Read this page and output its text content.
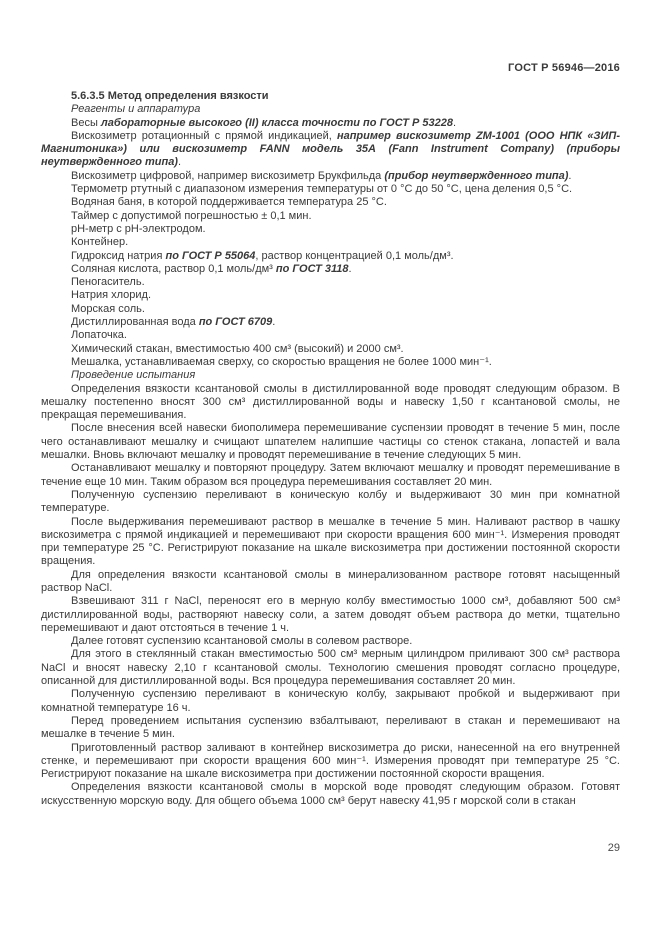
ГОСТ Р 56946—2016

5.6.3.5 Метод определения вязкости

Реагенты и аппаратура

Весы лабораторные высокого (II) класса точности по ГОСТ Р 53228.

Вискозиметр ротационный с прямой индикацией, например вискозиметр ZM-1001 (ООО НПК «ЗИП-Магнитоника») или вискозиметр FANN модель 35А (Fann Instrument Company) (приборы неутвержденного типа).

Вискозиметр цифровой, например вискозиметр Брукфильда (прибор неутвержденного типа).

Термометр ртутный с диапазоном измерения температуры от 0 °С до 50 °С, цена деления 0,5 °С.

Водяная баня, в которой поддерживается температура 25 °С.

Таймер с допустимой погрешностью ± 0,1 мин.

pH-метр с pH-электродом.

Контейнер.

Гидроксид натрия по ГОСТ Р 55064, раствор концентрацией 0,1 моль/дм³.

Соляная кислота, раствор 0,1 моль/дм³ по ГОСТ 3118.

Пеногаситель.

Натрия хлорид.

Морская соль.

Дистиллированная вода по ГОСТ 6709.

Лопаточка.

Химический стакан, вместимостью 400 см³ (высокий) и 2000 см³.

Мешалка, устанавливаемая сверху, со скоростью вращения не более 1000 мин⁻¹.

Проведение испытания

Определения вязкости ксантановой смолы в дистиллированной воде проводят следующим образом. В мешалку постепенно вносят 300 см³ дистиллированной воды и навеску 1,50 г ксантановой смолы, не прекращая перемешивания.

После внесения всей навески биополимера перемешивание суспензии проводят в течение 5 мин, после чего останавливают мешалку и счищают шпателем налипшие частицы со стенок стакана, лопастей и вала мешалки. Вновь включают мешалку и проводят перемешивание в течение следующих 5 мин.

Останавливают мешалку и повторяют процедуру. Затем включают мешалку и проводят перемешивание в течение еще 10 мин. Таким образом вся процедура перемешивания составляет 20 мин.

Полученную суспензию переливают в коническую колбу и выдерживают 30 мин при комнатной температуре.

После выдерживания перемешивают раствор в мешалке в течение 5 мин. Наливают раствор в чашку вискозиметра с прямой индикацией и перемешивают при скорости вращения 600 мин⁻¹. Измерения проводят при температуре 25 °С. Регистрируют показание на шкале вискозиметра при достижении постоянной скорости вращения.

Для определения вязкости ксантановой смолы в минерализованном растворе готовят насыщенный раствор NaCl.

Взвешивают 311 г NaCl, переносят его в мерную колбу вместимостью 1000 см³, добавляют 500 см³ дистиллированной воды, растворяют навеску соли, а затем доводят объем раствора до метки, тщательно перемешивают и дают отстояться в течение 1 ч.

Далее готовят суспензию ксантановой смолы в солевом растворе.

Для этого в стеклянный стакан вместимостью 500 см³ мерным цилиндром приливают 300 см³ раствора NaCl и вносят навеску 2,10 г ксантановой смолы. Технологию смешения проводят согласно процедуре, описанной для дистиллированной воды. Вся процедура перемешивания составляет 20 мин.

Полученную суспензию переливают в коническую колбу, закрывают пробкой и выдерживают при комнатной температуре 16 ч.

Перед проведением испытания суспензию взбалтывают, переливают в стакан и перемешивают на мешалке в течение 5 мин.

Приготовленный раствор заливают в контейнер вискозиметра до риски, нанесенной на его внутренней стенке, и перемешивают при скорости вращения 600 мин⁻¹. Измерения проводят при температуре 25 °С. Регистрируют показание на шкале вискозиметра при достижении постоянной скорости вращения.

Определения вязкости ксантановой смолы в морской воде проводят следующим образом. Готовят искусственную морскую воду. Для общего объема 1000 см³ берут навеску 41,95 г морской соли в стакан

29
